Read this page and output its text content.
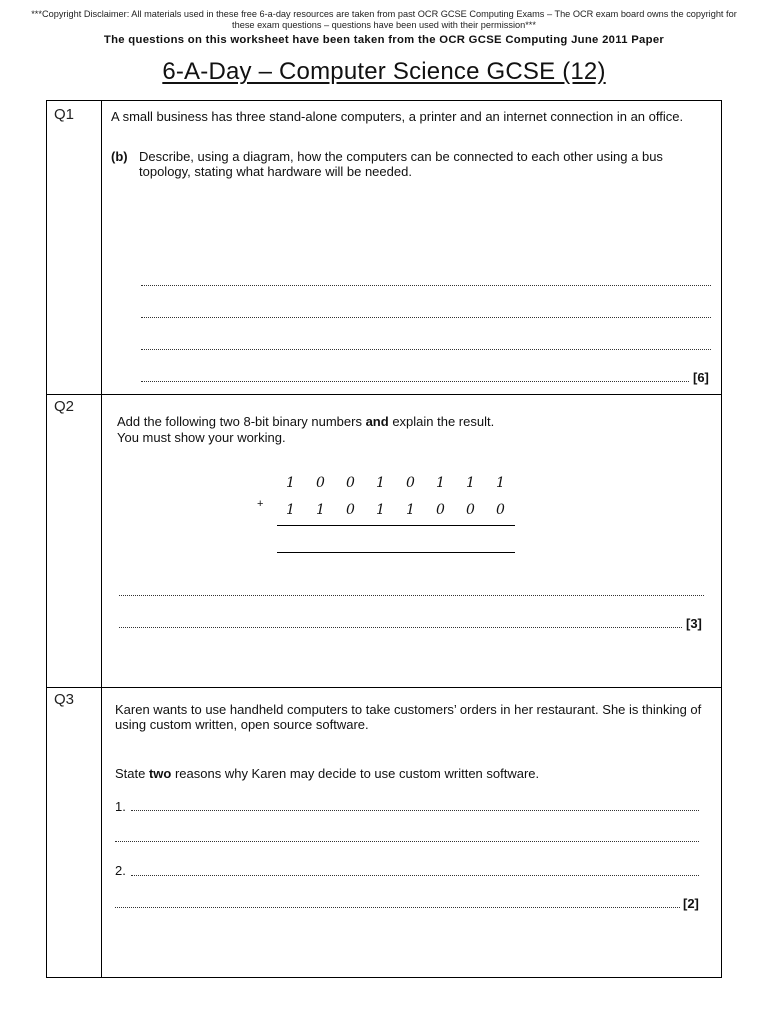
***Copyright Disclaimer: All materials used in these free 6-a-day resources are taken from past OCR GCSE Computing Exams – The OCR exam board owns the copyright for these exam questions – questions have been used with their permission***
The questions on this worksheet have been taken from the OCR GCSE Computing June 2011 Paper
6-A-Day – Computer Science GCSE (12)
Q1	A small business has three stand-alone computers, a printer and an internet connection in an office.
(b) Describe, using a diagram, how the computers can be connected to each other using a bus topology, stating what hardware will be needed.
[6]
Q2
Add the following two 8-bit binary numbers and explain the result.
You must show your working.
1 0 0 1 0 1 1 1
+ 1 1 0 1 1 0 0 0
[3]
Q3
Karen wants to use handheld computers to take customers’ orders in her restaurant. She is thinking of using custom written, open source software.
State two reasons why Karen may decide to use custom written software.
1.
2.
[2]
